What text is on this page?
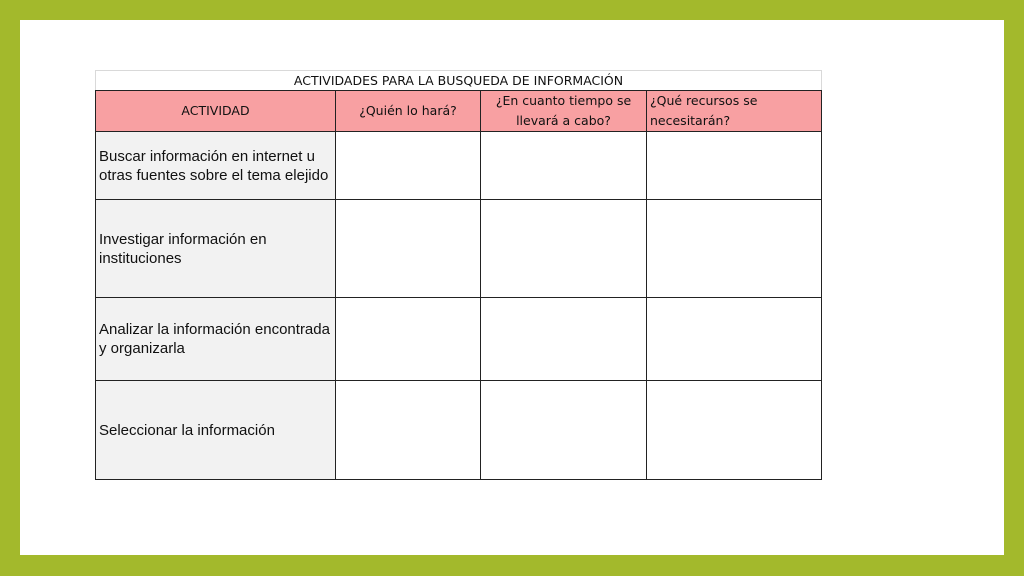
ACTIVIDADES PARA LA BUSQUEDA DE INFORMACIÓN			
ACTIVIDAD	¿Quién lo hará?	¿En cuanto tiempo se llevará a cabo?	¿Qué recursos se necesitarán?
Buscar información en internet u otras fuentes sobre el tema elejido			
Investigar información en instituciones			
Analizar la información encontrada y organizarla			
Seleccionar la información			
